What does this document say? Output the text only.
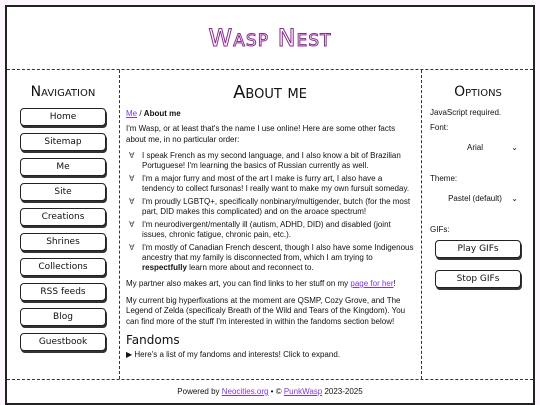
Wasp Nest
Navigation
Home
Sitemap
Me
Site
Creations
Shrines
Collections
RSS feeds
Blog
Guestbook
About me
Me / About me
I'm Wasp, or at least that's the name I use online! Here are some other facts about me, in no particular order:
∀ I speak French as my second language, and I also know a bit of Brazilian Portuguese! I'm learning the basics of Russian currently as well.
∀ I'm a major furry and most of the art I make is furry art, I also have a tendency to collect fursonas! I really want to make my own fursuit someday.
∀ I'm proudly LGBTQ+, specifically nonbinary/multigender, butch (for the most part, DID makes this complicated) and on the aroace spectrum!
∀ I'm neurodivergent/mentally ill (autism, ADHD, DID) and disabled (joint issues, chronic fatigue, chronic pain, etc.).
∀ I'm mostly of Canadian French descent, though I also have some Indigenous ancestry that my family is disconnected from, which I am trying to respectfully learn more about and reconnect to.
My partner also makes art, you can find links to her stuff on my page for her!
My current big hyperfixations at the moment are QSMP, Cozy Grove, and The Legend of Zelda (specificaly Breath of the Wild and Tears of the Kingdom). You can find more of the stuff I'm interested in within the fandoms section below!
Fandoms
▶ Here's a list of my fandoms and interests! Click to expand.
Options
JavaScript required.
Font:
Arial	⌄
Theme:
Pastel (default) ⌄
GIFs:
Play GIFs
Stop GIFs
Powered by Neocities.org • © PunkWasp 2023-2025
